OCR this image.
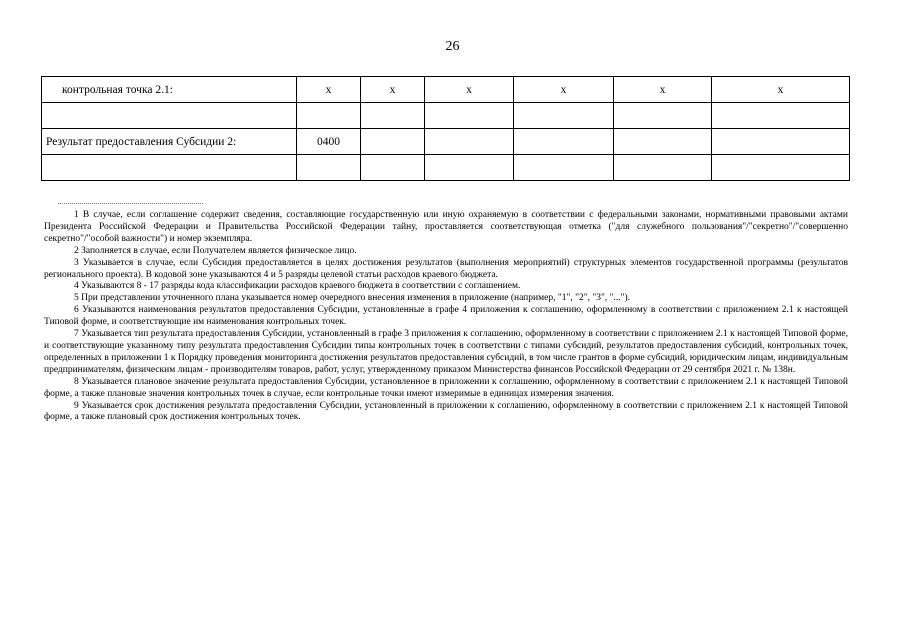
26
контрольная точка 2.1:	x	x	x	x	x	x

Результат предоставления Субсидии 2:	0400					

1 В случае, если соглашение содержит сведения, составляющие государственную или иную охраняемую в соответствии с федеральными законами, нормативными правовыми актами Президента Российской Федерации и Правительства Российской Федерации тайну, проставляется соответствующая отметка ("для служебного пользования"/"секретно"/"совершенно секретно"/"особой важности") и номер экземпляра.

2 Заполняется в случае, если Получателем является физическое лицо.

3 Указывается в случае, если Субсидия предоставляется в целях достижения результатов (выполнения мероприятий) структурных элементов государственной программы (результатов регионального проекта). В кодовой зоне указываются 4 и 5 разряды целевой статьи расходов краевого бюджета.

4 Указываются 8 - 17 разряды кода классификации расходов краевого бюджета в соответствии с соглашением.

5 При представлении уточненного плана указывается номер очередного внесения изменения в приложение (например, "1", "2", "3", "...").

6 Указываются наименования результатов предоставления Субсидии, установленные в графе 4 приложения к соглашению, оформленному в соответствии с приложением 2.1 к настоящей Типовой форме, и соответствующие им наименования контрольных точек.

7 Указывается тип результата предоставления Субсидии, установленный в графе 3 приложения к соглашению, оформленному в соответствии с приложением 2.1 к настоящей Типовой форме, и соответствующие указанному типу результата предоставления Субсидии типы контрольных точек в соответствии с типами субсидий, результатов предоставления субсидий, контрольных точек, определенных в приложении 1 к Порядку проведения мониторинга достижения результатов предоставления субсидий, в том числе грантов в форме субсидий, юридическим лицам, индивидуальным предпринимателям, физическим лицам - производителям товаров, работ, услуг, утвержденному приказом Министерства финансов Российской Федерации от 29 сентября 2021 г. № 138н.

8 Указывается плановое значение результата предоставления Субсидии, установленное в приложении к соглашению, оформленному в соответствии с приложением 2.1 к настоящей Типовой форме, а также плановые значения контрольных точек в случае, если контрольные точки имеют измеримые в единицах измерения значения.

9 Указывается срок достижения результата предоставления Субсидии, установленный в приложении к соглашению, оформленному в соответствии с приложением 2.1 к настоящей Типовой форме, а также плановый срок достижения контрольных точек.
